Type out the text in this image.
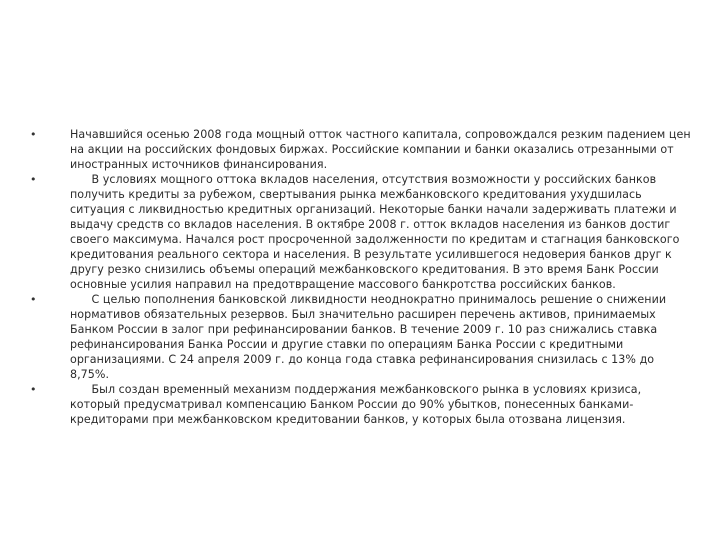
•	Начавшийся осенью 2008 года мощный отток частного капитала, сопровождался резким падением цен на акции на российских фондовых биржах. Российские компании и банки оказались отрезанными от иностранных источников финансирования.

•	В условиях мощного оттока вкладов населения, отсутствия возможности у российских банков получить кредиты за рубежом, свертывания рынка межбанковского кредитования ухудшилась ситуация с ликвидностью кредитных организаций. Некоторые банки начали задерживать платежи и выдачу средств со вкладов населения. В октябре 2008 г. отток вкладов населения из банков достиг своего максимума. Начался рост просроченной задолженности по кредитам и стагнация банковского кредитования реального сектора и населения. В результате усилившегося недоверия банков друг к другу резко снизились объемы операций межбанковского кредитования. В это время Банк России основные усилия направил на предотвращение массового банкротства российских банков.

•	С целью пополнения банковской ликвидности неоднократно принималось решение о снижении нормативов обязательных резервов. Был значительно расширен перечень активов, принимаемых Банком России в залог при рефинансировании банков. В течение 2009 г. 10 раз снижались ставка рефинансирования Банка России и другие ставки по операциям Банка России с кредитными организациями. С 24 апреля 2009 г. до конца года ставка рефинансирования снизилась с 13% до 8,75%.

•	Был создан временный механизм поддержания межбанковского рынка в условиях кризиса, который предусматривал компенсацию Банком России до 90% убытков, понесенных банками-кредиторами при межбанковском кредитовании банков, у которых была отозвана лицензия.
